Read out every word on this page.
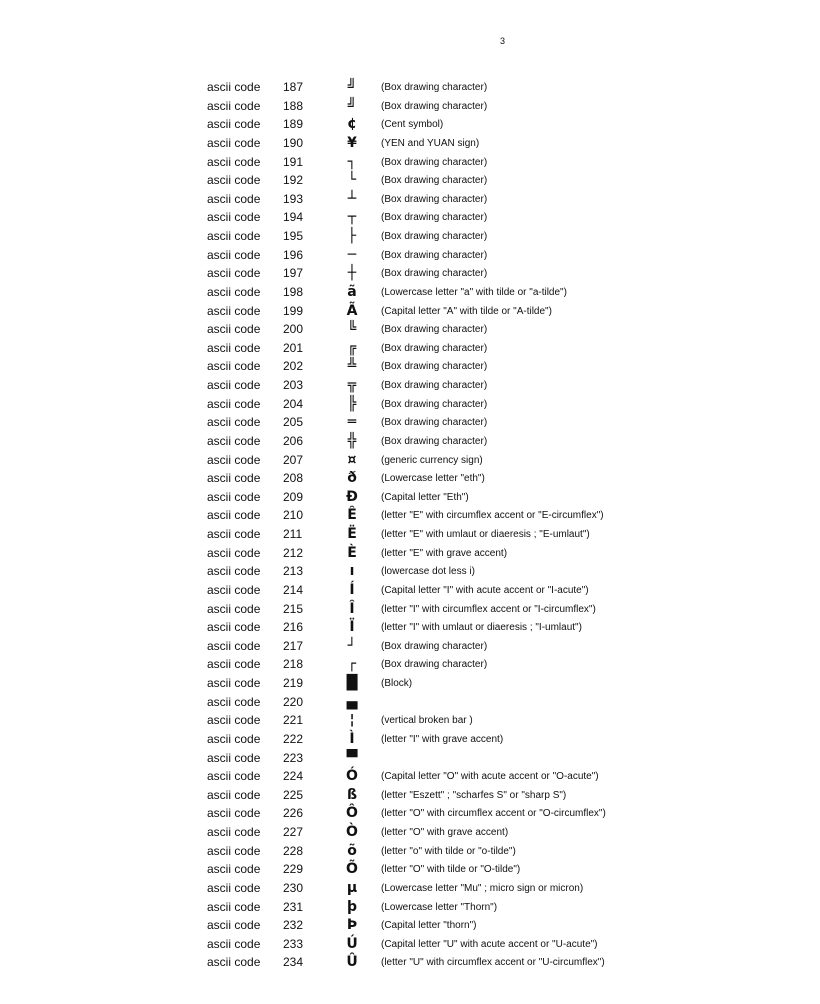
3
ascii code 187	╝	(Box drawing character)
ascii code 188	╝	(Box drawing character)
ascii code 189	¢	(Cent symbol)
ascii code 190	¥	(YEN and YUAN sign)
ascii code 191	┐	(Box drawing character)
ascii code 192	└	(Box drawing character)
ascii code 193	┴	(Box drawing character)
ascii code 194	┬	(Box drawing character)
ascii code 195	├	(Box drawing character)
ascii code 196	─	(Box drawing character)
ascii code 197	┼	(Box drawing character)
ascii code 198	ã	(Lowercase letter "a" with tilde or "a-tilde")
ascii code 199	Ã	(Capital letter "A" with tilde or "A-tilde")
ascii code 200	╚	(Box drawing character)
ascii code 201	╔	(Box drawing character)
ascii code 202	╩	(Box drawing character)
ascii code 203	╦	(Box drawing character)
ascii code 204	╠	(Box drawing character)
ascii code 205	═	(Box drawing character)
ascii code 206	╬	(Box drawing character)
ascii code 207	¤	(generic currency sign)
ascii code 208	ð	(Lowercase letter "eth")
ascii code 209	Ð	(Capital letter "Eth")
ascii code 210	Ê	(letter "E" with circumflex accent or "E-circumflex")
ascii code 211	Ë	(letter "E" with umlaut or diaeresis ; "E-umlaut")
ascii code 212	È	(letter "E" with grave accent)
ascii code 213	ı	(lowercase dot less i)
ascii code 214	Í	(Capital letter "I" with acute accent or "I-acute")
ascii code 215	Î	(letter "I" with circumflex accent or "I-circumflex")
ascii code 216	Ï	(letter "I" with umlaut or diaeresis ; "I-umlaut")
ascii code 217	┘	(Box drawing character)
ascii code 218	┌	(Box drawing character)
ascii code 219	█	(Block)
ascii code 220	▄
ascii code 221	¦	(vertical broken bar )
ascii code 222	Ì	(letter "I" with grave accent)
ascii code 223	▀
ascii code 224	Ó	(Capital letter "O" with acute accent or "O-acute")
ascii code 225	ß	(letter "Eszett" ; "scharfes S" or "sharp S")
ascii code 226	Ô	(letter "O" with circumflex accent or "O-circumflex")
ascii code 227	Ò	(letter "O" with grave accent)
ascii code 228	õ	(letter "o" with tilde or "o-tilde")
ascii code 229	Õ	(letter "O" with tilde or "O-tilde")
ascii code 230	µ	(Lowercase letter "Mu" ; micro sign or micron)
ascii code 231	þ	(Lowercase letter "Thorn")
ascii code 232	Þ	(Capital letter "thorn")
ascii code 233	Ú	(Capital letter "U" with acute accent or "U-acute")
ascii code 234	Û	(letter "U" with circumflex accent or "U-circumflex")
